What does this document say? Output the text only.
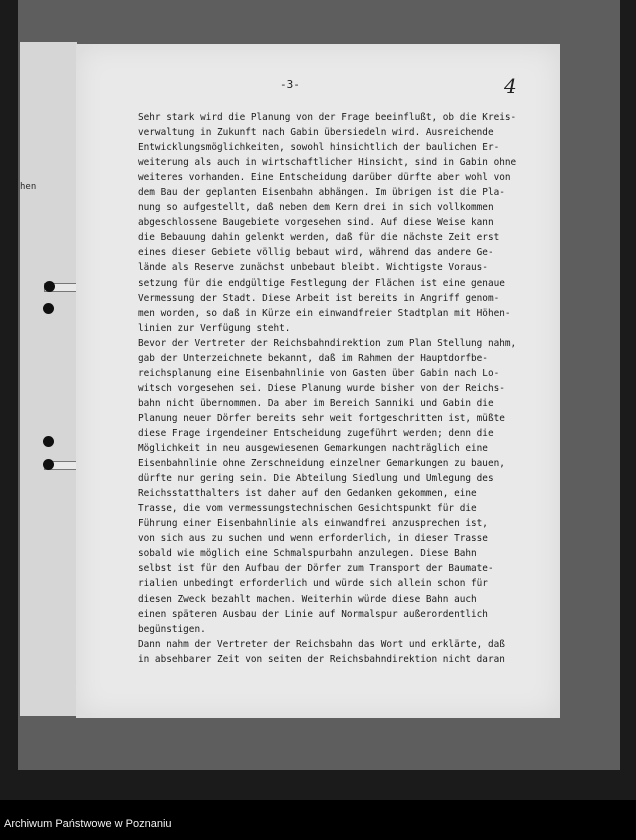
hen
-3-	4
Sehr stark wird die Planung von der Frage beeinflußt, ob die Kreis-
verwaltung in Zukunft nach Gabin übersiedeln wird. Ausreichende
Entwicklungsmöglichkeiten, sowohl hinsichtlich der baulichen Er-
weiterung als auch in wirtschaftlicher Hinsicht, sind in Gabin ohne
weiteres vorhanden. Eine Entscheidung darüber dürfte aber wohl von
dem Bau der geplanten Eisenbahn abhängen. Im übrigen ist die Pla-
nung so aufgestellt, daß neben dem Kern drei in sich vollkommen
abgeschlossene Baugebiete vorgesehen sind. Auf diese Weise kann
die Bebauung dahin gelenkt werden, daß für die nächste Zeit erst
eines dieser Gebiete völlig bebaut wird, während das andere Ge-
lände als Reserve zunächst unbebaut bleibt. Wichtigste Voraus-
setzung für die endgültige Festlegung der Flächen ist eine genaue
Vermessung der Stadt. Diese Arbeit ist bereits in Angriff genom-
men worden, so daß in Kürze ein einwandfreier Stadtplan mit Höhen-
linien zur Verfügung steht.
Bevor der Vertreter der Reichsbahndirektion zum Plan Stellung nahm,
gab der Unterzeichnete bekannt, daß im Rahmen der Hauptdorfbe-
reichsplanung eine Eisenbahnlinie von Gasten über Gabin nach Lo-
witsch vorgesehen sei. Diese Planung wurde bisher von der Reichs-
bahn nicht übernommen. Da aber im Bereich Sanniki und Gabin die
Planung neuer Dörfer bereits sehr weit fortgeschritten ist, müßte
diese Frage irgendeiner Entscheidung zugeführt werden; denn die
Möglichkeit in neu ausgewiesenen Gemarkungen nachträglich eine
Eisenbahnlinie ohne Zerschneidung einzelner Gemarkungen zu bauen,
dürfte nur gering sein. Die Abteilung Siedlung und Umlegung des
Reichsstatthalters ist daher auf den Gedanken gekommen, eine
Trasse, die vom vermessungstechnischen Gesichtspunkt für die
Führung einer Eisenbahnlinie als einwandfrei anzusprechen ist,
von sich aus zu suchen und wenn erforderlich, in dieser Trasse
sobald wie möglich eine Schmalspurbahn anzulegen. Diese Bahn
selbst ist für den Aufbau der Dörfer zum Transport der Baumate-
rialien unbedingt erforderlich und würde sich allein schon für
diesen Zweck bezahlt machen. Weiterhin würde diese Bahn auch
einen späteren Ausbau der Linie auf Normalspur außerordentlich
begünstigen.
Dann nahm der Vertreter der Reichsbahn das Wort und erklärte, daß
in absehbarer Zeit von seiten der Reichsbahndirektion nicht daran
Archiwum Państwowe w Poznaniu
